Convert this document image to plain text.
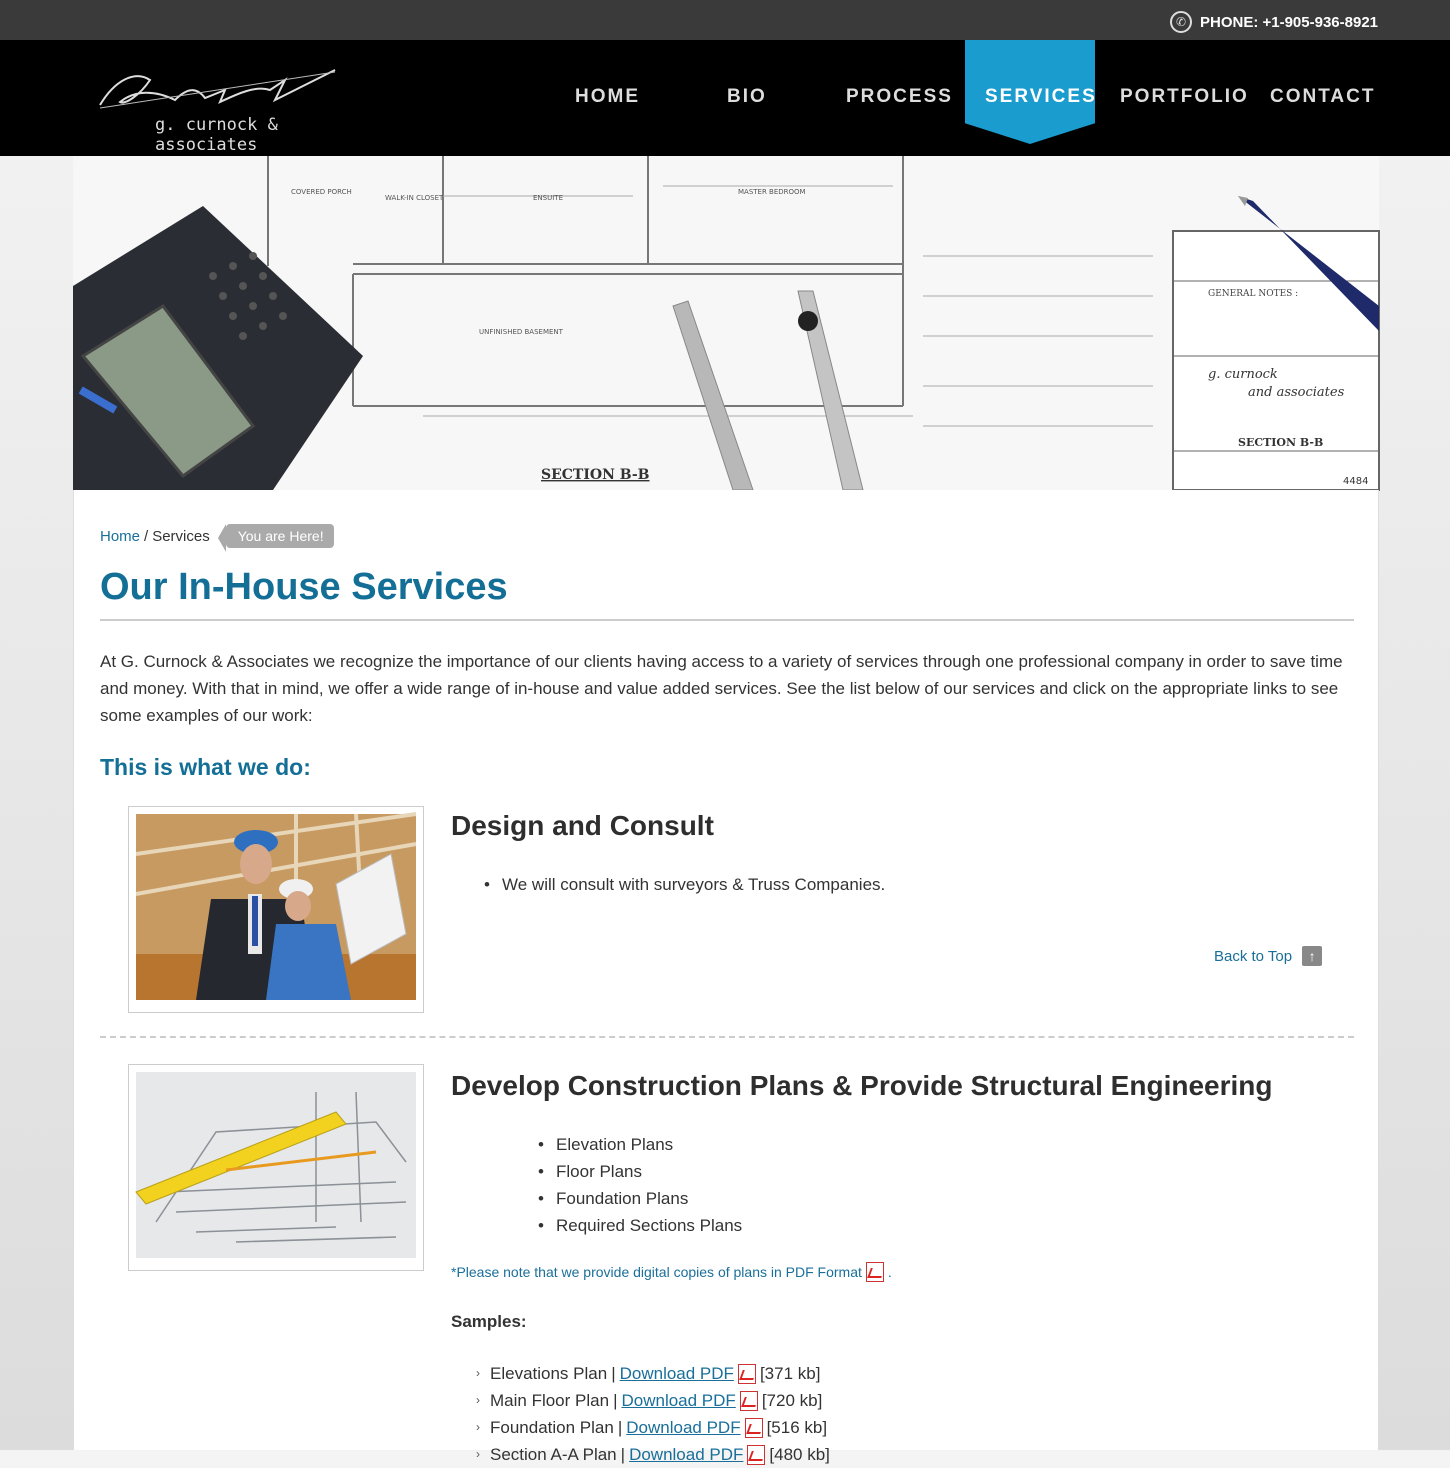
✆ PHONE: +1-905-936-8921
g. curnock & associates
HOME	BIO	PROCESS SERVICES PORTFOLIO CONTACT
GENERAL NOTES :
g. curnock
and associates
SECTION B-B
4484
UNFINISHED BASEMENT
MASTER BEDROOM
ENSUITE
WALK-IN CLOSET
COVERED PORCH
SECTION B-B
Home / Services	You are Here!
Our In-House Services

At G. Curnock & Associates we recognize the importance of our clients having access to a variety of services through one professional company in order to save time and money. With that in mind, we offer a wide range of in-house and value added services. See the list below of our services and click on the appropriate links to see some examples of our work:

This is what we do:
Design and Consult
• We will consult with surveyors & Truss Companies.
Back to Top	↑
Develop Construction Plans & Provide Structural Engineering
• Elevation Plans
• Floor Plans
• Foundation Plans
• Required Sections Plans
*Please note that we provide digital copies of plans in PDF Format .
Samples:
› Elevations Plan | Download PDF [371 kb]
› Main Floor Plan | Download PDF [720 kb]
› Foundation Plan | Download PDF [516 kb]
› Section A-A Plan | Download PDF [480 kb]
